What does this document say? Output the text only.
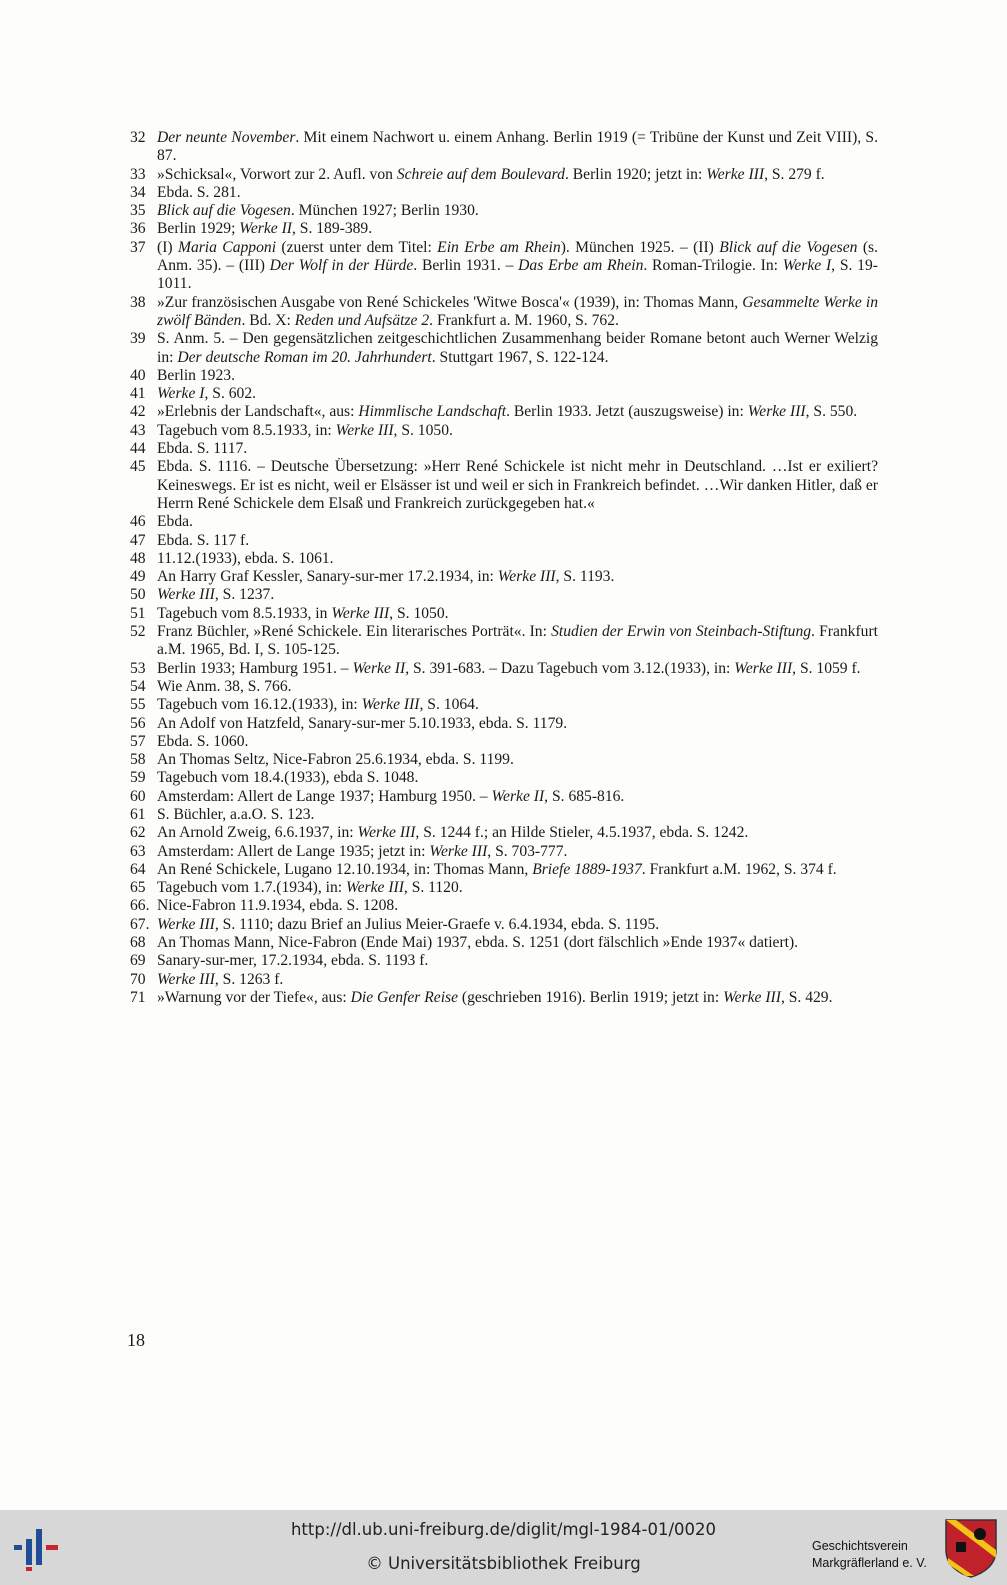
32 Der neunte November. Mit einem Nachwort u. einem Anhang. Berlin 1919 (= Tribüne der Kunst und Zeit VIII), S. 87.
33 »Schicksal«, Vorwort zur 2. Aufl. von Schreie auf dem Boulevard. Berlin 1920; jetzt in: Werke III, S. 279 f.
34 Ebda. S. 281.
35 Blick auf die Vogesen. München 1927; Berlin 1930.
36 Berlin 1929; Werke II, S. 189-389.
37 (I) Maria Capponi (zuerst unter dem Titel: Ein Erbe am Rhein). München 1925. – (II) Blick auf die Vogesen (s. Anm. 35). – (III) Der Wolf in der Hürde. Berlin 1931. – Das Erbe am Rhein. Roman-Trilogie. In: Werke I, S. 19-1011.
38 »Zur französischen Ausgabe von René Schickeles 'Witwe Bosca'« (1939), in: Thomas Mann, Gesammelte Werke in zwölf Bänden. Bd. X: Reden und Aufsätze 2. Frankfurt a. M. 1960, S. 762.
39 S. Anm. 5. – Den gegensätzlichen zeitgeschichtlichen Zusammenhang beider Romane betont auch Werner Welzig in: Der deutsche Roman im 20. Jahrhundert. Stuttgart 1967, S. 122-124.
40 Berlin 1923.
41 Werke I, S. 602.
42 »Erlebnis der Landschaft«, aus: Himmlische Landschaft. Berlin 1933. Jetzt (auszugsweise) in: Werke III, S. 550.
43 Tagebuch vom 8.5.1933, in: Werke III, S. 1050.
44 Ebda. S. 1117.
45 Ebda. S. 1116. – Deutsche Übersetzung: »Herr René Schickele ist nicht mehr in Deutschland. …Ist er exiliert? Keineswegs. Er ist es nicht, weil er Elsässer ist und weil er sich in Frankreich befindet. …Wir danken Hitler, daß er Herrn René Schickele dem Elsaß und Frankreich zurückgegeben hat.«
46 Ebda.
47 Ebda. S. 117 f.
48 11.12.(1933), ebda. S. 1061.
49 An Harry Graf Kessler, Sanary-sur-mer 17.2.1934, in: Werke III, S. 1193.
50 Werke III, S. 1237.
51 Tagebuch vom 8.5.1933, in Werke III, S. 1050.
52 Franz Büchler, »René Schickele. Ein literarisches Porträt«. In: Studien der Erwin von Steinbach-Stiftung. Frankfurt a.M. 1965, Bd. I, S. 105-125.
53 Berlin 1933; Hamburg 1951. – Werke II, S. 391-683. – Dazu Tagebuch vom 3.12.(1933), in: Werke III, S. 1059 f.
54 Wie Anm. 38, S. 766.
55 Tagebuch vom 16.12.(1933), in: Werke III, S. 1064.
56 An Adolf von Hatzfeld, Sanary-sur-mer 5.10.1933, ebda. S. 1179.
57 Ebda. S. 1060.
58 An Thomas Seltz, Nice-Fabron 25.6.1934, ebda. S. 1199.
59 Tagebuch vom 18.4.(1933), ebda S. 1048.
60 Amsterdam: Allert de Lange 1937; Hamburg 1950. – Werke II, S. 685-816.
61 S. Büchler, a.a.O. S. 123.
62 An Arnold Zweig, 6.6.1937, in: Werke III, S. 1244 f.; an Hilde Stieler, 4.5.1937, ebda. S. 1242.
63 Amsterdam: Allert de Lange 1935; jetzt in: Werke III, S. 703-777.
64 An René Schickele, Lugano 12.10.1934, in: Thomas Mann, Briefe 1889-1937. Frankfurt a.M. 1962, S. 374 f.
65 Tagebuch vom 1.7.(1934), in: Werke III, S. 1120.
66. Nice-Fabron 11.9.1934, ebda. S. 1208.
67. Werke III, S. 1110; dazu Brief an Julius Meier-Graefe v. 6.4.1934, ebda. S. 1195.
68 An Thomas Mann, Nice-Fabron (Ende Mai) 1937, ebda. S. 1251 (dort fälschlich »Ende 1937« datiert).
69 Sanary-sur-mer, 17.2.1934, ebda. S. 1193 f.
70 Werke III, S. 1263 f.
71 »Warnung vor der Tiefe«, aus: Die Genfer Reise (geschrieben 1916). Berlin 1919; jetzt in: Werke III, S. 429.
18
http://dl.ub.uni-freiburg.de/diglit/mgl-1984-01/0020
© Universitätsbibliothek Freiburg
Geschichtsverein
Markgräflerland e. V.
